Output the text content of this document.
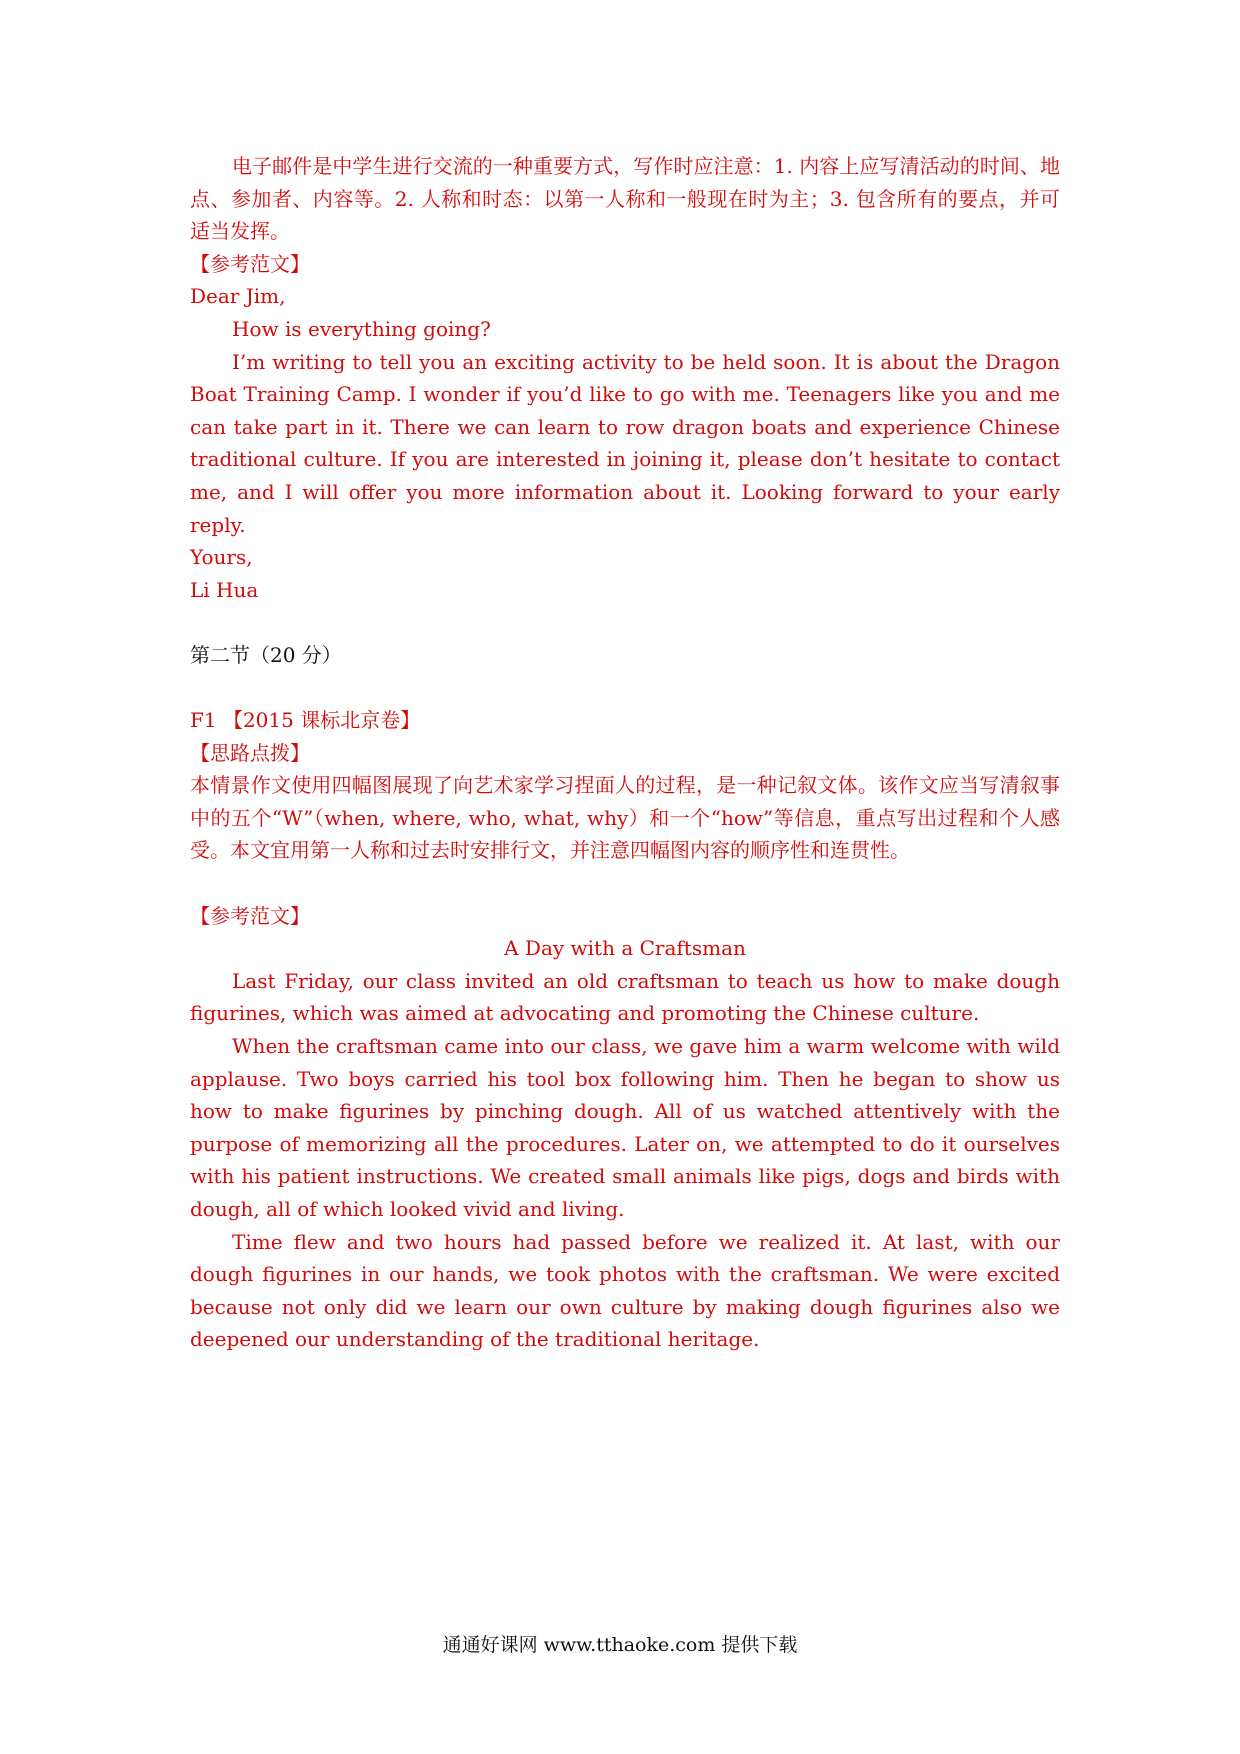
电子邮件是中学生进行交流的一种重要方式，写作时应注意：1. 内容上应写清活动的时间、地点、参加者、内容等。2. 人称和时态：以第一人称和一般现在时为主；3. 包含所有的要点，并可适当发挥。

【参考范文】

Dear Jim,

How is everything going?

I’m writing to tell you an exciting activity to be held soon. It is about the Dragon Boat Training Camp. I wonder if you’d like to go with me. Teenagers like you and me can take part in it. There we can learn to row dragon boats and experience Chinese traditional culture. If you are interested in joining it, please don’t hesitate to contact me, and I will offer you more information about it. Looking forward to your early reply.

Yours,

Li Hua

第二节（20 分）

F1 【2015 课标北京卷】

【思路点拨】

本情景作文使用四幅图展现了向艺术家学习捏面人的过程，是一种记叙文体。该作文应当写清叙事中的五个“W”（when, where, who, what, why）和一个“how”等信息，重点写出过程和个人感受。本文宜用第一人称和过去时安排行文，并注意四幅图内容的顺序性和连贯性。

【参考范文】

A Day with a Craftsman

Last Friday, our class invited an old craftsman to teach us how to make dough figurines, which was aimed at advocating and promoting the Chinese culture.

When the craftsman came into our class, we gave him a warm welcome with wild applause. Two boys carried his tool box following him. Then he began to show us how to make figurines by pinching dough. All of us watched attentively with the purpose of memorizing all the procedures. Later on, we attempted to do it ourselves with his patient instructions. We created small animals like pigs, dogs and birds with dough, all of which looked vivid and living.

Time flew and two hours had passed before we realized it. At last, with our dough figurines in our hands, we took photos with the craftsman. We were excited because not only did we learn our own culture by making dough figurines also we deepened our understanding of the traditional heritage.

通通好课网 www.tthaoke.com 提供下载
